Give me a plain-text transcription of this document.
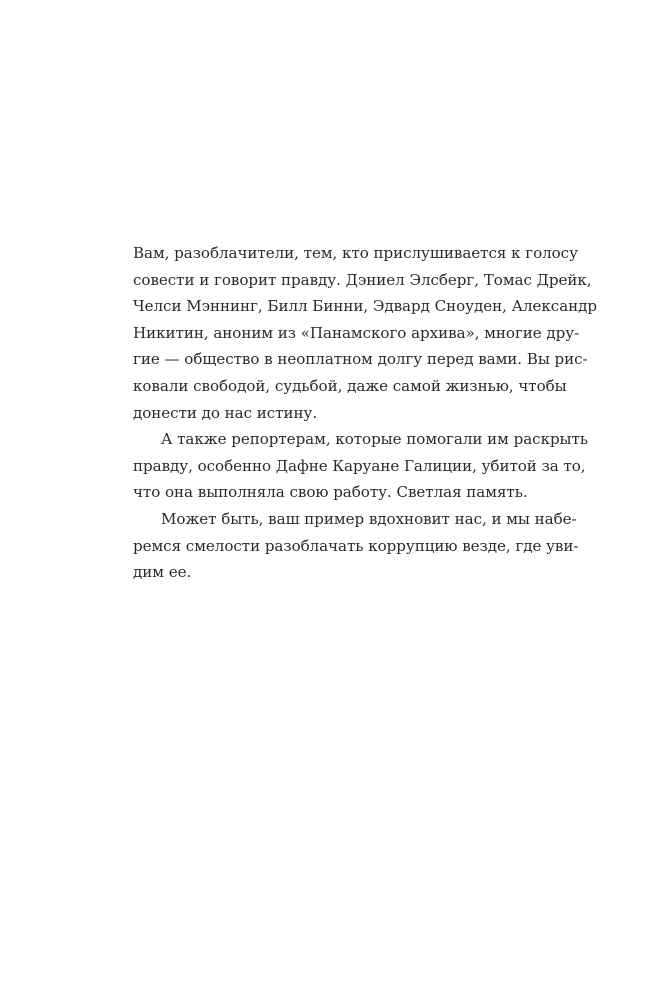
Вам, разоблачители, тем, кто прислушивается к голосу
совести и говорит правду. Дэниел Элсберг, Томас Дрейк,
Челси Мэннинг, Билл Бинни, Эдвард Сноуден, Александр
Никитин, аноним из «Панамского архива», многие дру-
гие — общество в неоплатном долгу перед вами. Вы рис-
ковали свободой, судьбой, даже самой жизнью, чтобы
донести до нас истину.
А также репортерам, которые помогали им раскрыть
правду, особенно Дафне Каруане Галиции, убитой за то,
что она выполняла свою работу. Светлая память.
Может быть, ваш пример вдохновит нас, и мы набе-
ремся смелости разоблачать коррупцию везде, где уви-
дим ее.
